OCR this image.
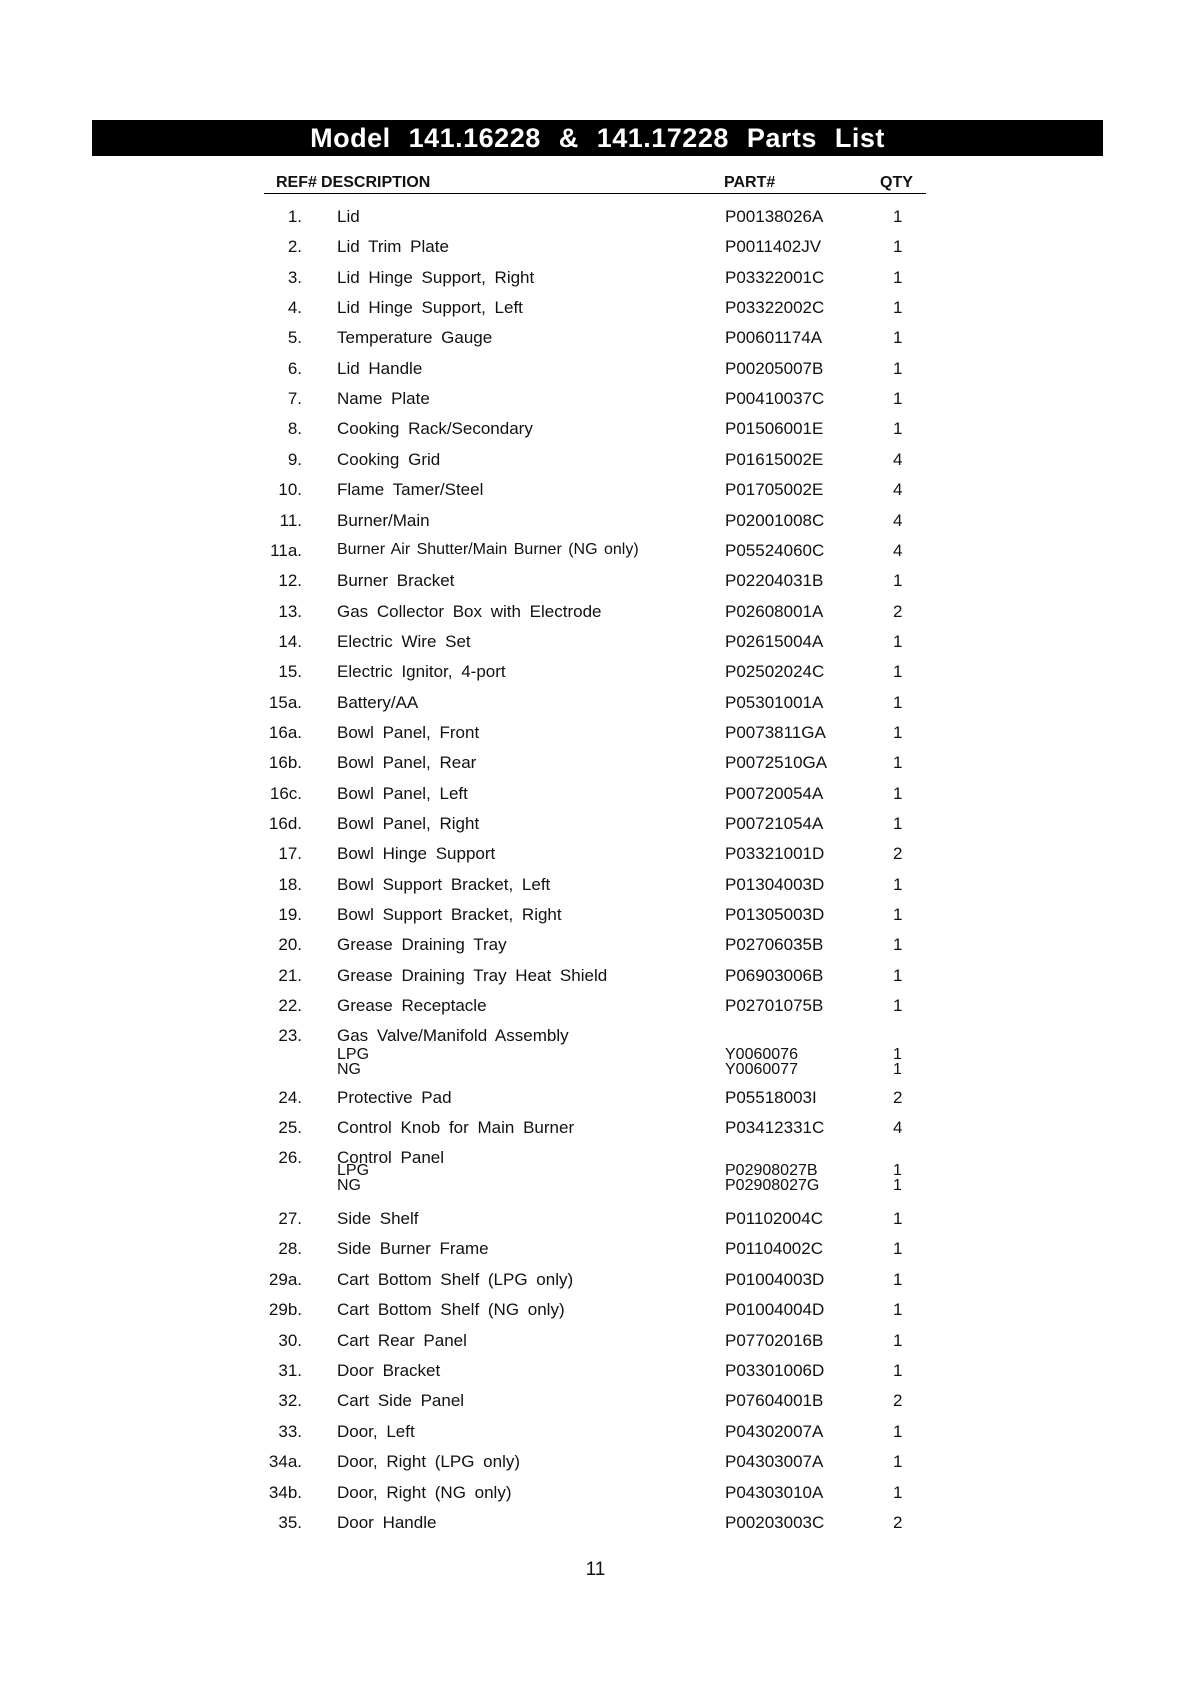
Model 141.16228 & 141.17228 Parts List
REF# DESCRIPTION	PART#	QTY
1. Lid	P00138026A	1
2. Lid Trim Plate	P0011402JV	1
3. Lid Hinge Support, Right	P03322001C	1
4. Lid Hinge Support, Left	P03322002C	1
5. Temperature Gauge	P00601174A	1
6. Lid Handle	P00205007B	1
7. Name Plate	P00410037C	1
8. Cooking Rack/Secondary	P01506001E	1
9. Cooking Grid	P01615002E	4
10. Flame Tamer/Steel	P01705002E	4
11. Burner/Main	P02001008C	4
11a. Burner Air Shutter/Main Burner (NG only)	P05524060C	4
12. Burner Bracket	P02204031B	1
13. Gas Collector Box with Electrode	P02608001A	2
14. Electric Wire Set	P02615004A	1
15. Electric Ignitor, 4-port	P02502024C	1
15a. Battery/AA	P05301001A	1
16a. Bowl Panel, Front	P0073811GA	1
16b. Bowl Panel, Rear	P0072510GA	1
16c. Bowl Panel, Left	P00720054A	1
16d. Bowl Panel, Right	P00721054A	1
17. Bowl Hinge Support	P03321001D	2
18. Bowl Support Bracket, Left	P01304003D	1
19. Bowl Support Bracket, Right	P01305003D	1
20. Grease Draining Tray	P02706035B	1
21. Grease Draining Tray Heat Shield	P06903006B	1
22. Grease Receptacle	P02701075B	1
23. Gas Valve/Manifold Assembly
LPG	Y0060076	1
NG	Y0060077	1
24. Protective Pad	P05518003I	2
25. Control Knob for Main Burner	P03412331C	4
26. Control Panel
LPG	P02908027B	1
NG	P02908027G	1
27. Side Shelf	P01102004C	1
28. Side Burner Frame	P01104002C	1
29a. Cart Bottom Shelf (LPG only)	P01004003D	1
29b. Cart Bottom Shelf (NG only)	P01004004D	1
30. Cart Rear Panel	P07702016B	1
31. Door Bracket	P03301006D	1
32. Cart Side Panel	P07604001B	2
33. Door, Left	P04302007A	1
34a. Door, Right (LPG only)	P04303007A	1
34b. Door, Right (NG only)	P04303010A	1
35. Door Handle	P00203003C	2
11
